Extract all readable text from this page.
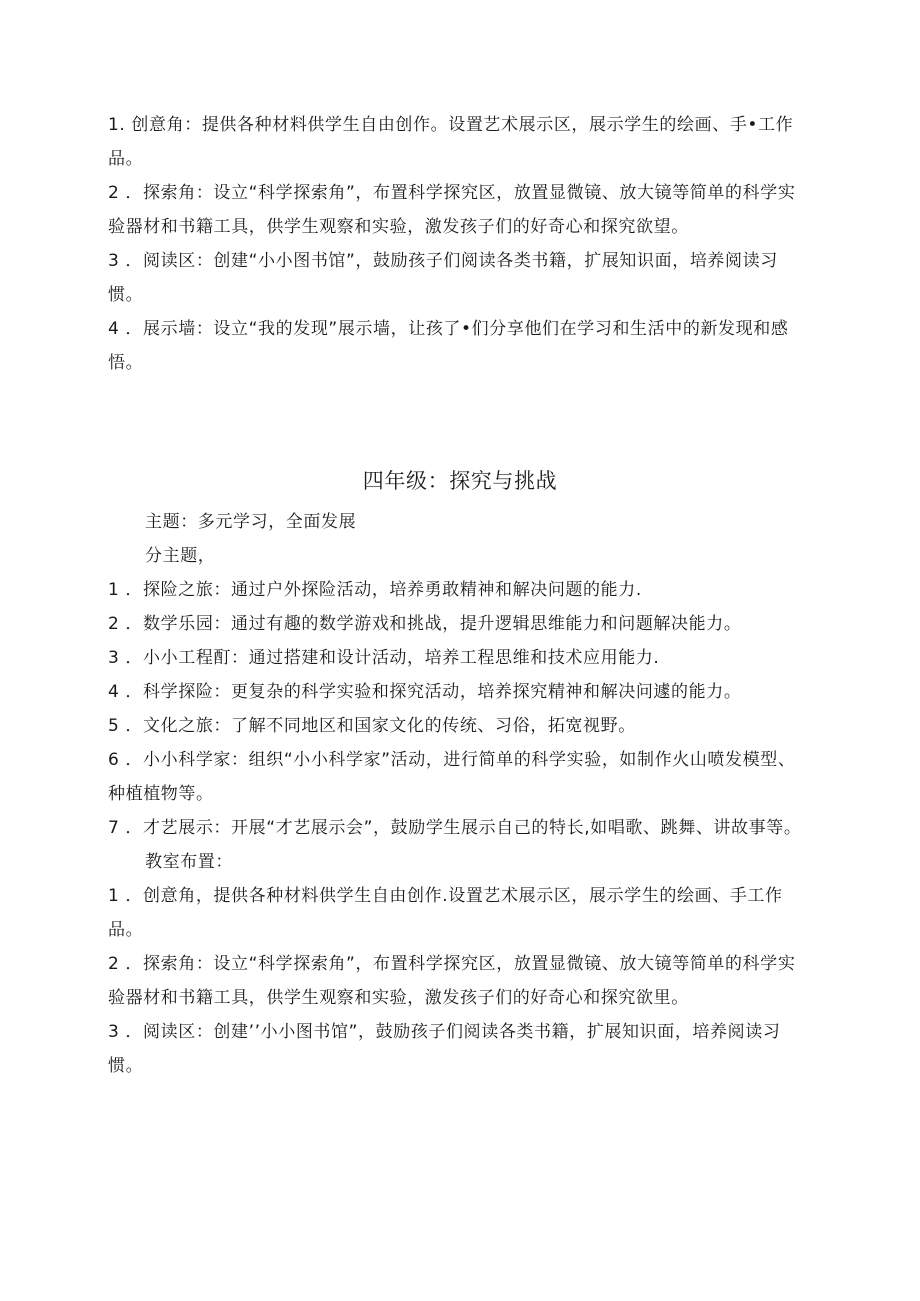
1. 创意角：提供各种材料供学生自由创作。设置艺术展示区，展示学生的绘画、手•工作品。

2 ．探索角：设立“科学探索角”，布置科学探究区，放置显微镜、放大镜等简单的科学实验器材和书籍工具，供学生观察和实验，激发孩子们的好奇心和探究欲望。

3 ．阅读区：创建“小小图书馆”，鼓励孩子们阅读各类书籍，扩展知识面，培养阅读习惯。

4 ．展示墙：设立“我的发现”展示墙，让孩了•们分享他们在学习和生活中的新发现和感悟。

四年级：探究与挑战

主题：多元学习，全面发展

分主题，

1 ．探险之旅：通过户外探险活动，培养勇敢精神和解决问题的能力.

2 ．数学乐园：通过有趣的数学游戏和挑战，提升逻辑思维能力和问题解决能力。

3 ．小小工程酊：通过搭建和设计活动，培养工程思维和技术应用能力.

4 ．科学探险：更复杂的科学实验和探究活动，培养探究精神和解决问遽的能力。

5 ．文化之旅：了解不同地区和国家文化的传统、习俗，拓宽视野。

6 ．小小科学家：组织“小小科学家”活动，进行简单的科学实验，如制作火山喷发模型、种植植物等。

7 ．才艺展示：开展“才艺展示会”，鼓励学生展示自己的特长,如唱歌、跳舞、讲故事等。

教室布置：

1 ．创意角，提供各种材料供学生自由创作.设置艺术展示区，展示学生的绘画、手工作品。

2 ．探索角：设立“科学探索角”，布置科学探究区，放置显微镜、放大镜等简单的科学实验器材和书籍工具，供学生观察和实验，激发孩子们的好奇心和探究欲里。

3 ．阅读区：创建’’小小图书馆”，鼓励孩子们阅读各类书籍，扩展知识面，培养阅读习惯。
